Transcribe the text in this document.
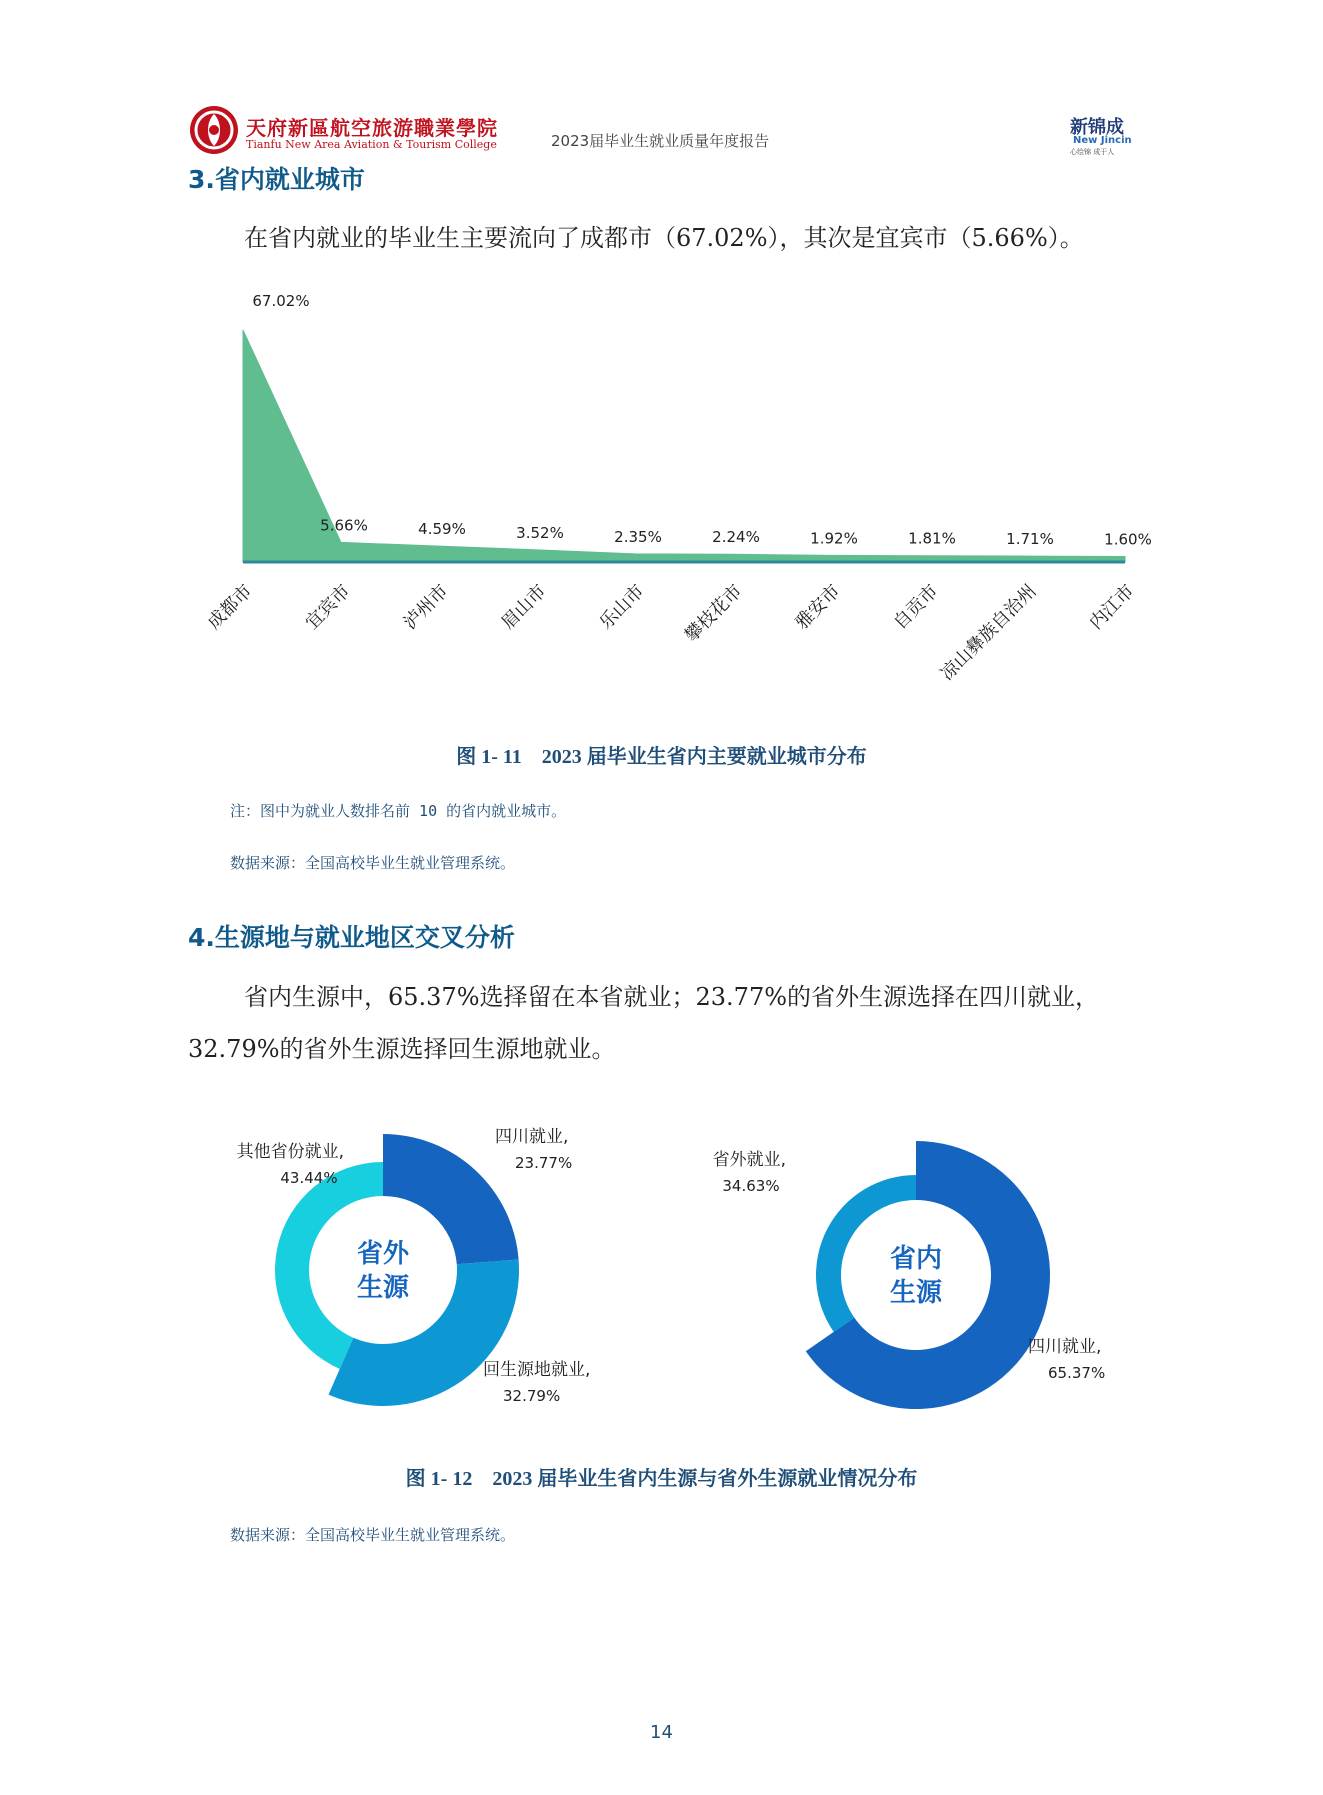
天府新區航空旅游職業學院
Tianfu New Area Aviation & Tourism College	2023届毕业生就业质量年度报告
新锦成
New Jincin
心绘锦 成于人
3.省内就业城市
在省内就业的毕业生主要流向了成都市（67.02%），其次是宜宾市（5.66%）。
67.02%
成都市
5.66%
宜宾市
4.59%
泸州市
3.52%
眉山市
2.35%
乐山市
2.24%
攀枝花市
1.92%
雅安市
1.81%
自贡市
1.71%
凉山彝族自治州
1.60%
内江市
图 1- 11　2023 届毕业生省内主要就业城市分布
注：图中为就业人数排名前 10 的省内就业城市。
数据来源：全国高校毕业生就业管理系统。
4.生源地与就业地区交叉分析
省内生源中，65.37%选择留在本省就业；23.77%的省外生源选择在四川就业，
32.79%的省外生源选择回生源地就业。
四川就业,
23.77%
回生源地就业,
32.79%
其他省份就业,
43.44%
省外
生源
四川就业,
65.37%
省外就业,
34.63%
省内
生源
图 1- 12　2023 届毕业生省内生源与省外生源就业情况分布
数据来源：全国高校毕业生就业管理系统。
14
